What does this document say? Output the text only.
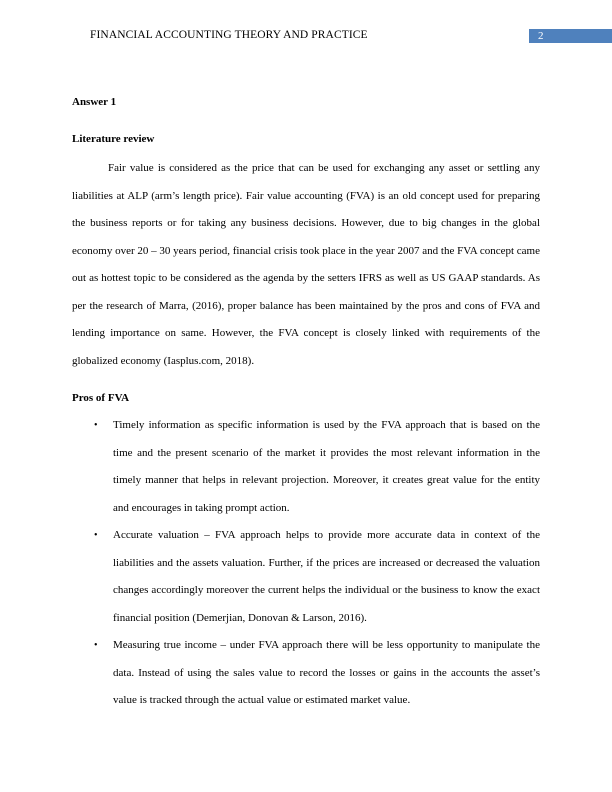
FINANCIAL ACCOUNTING THEORY AND PRACTICE	2
Answer 1
Literature review
Fair value is considered as the price that can be used for exchanging any asset or settling any liabilities at ALP (arm’s length price). Fair value accounting (FVA) is an old concept used for preparing the business reports or for taking any business decisions. However, due to big changes in the global economy over 20 – 30 years period, financial crisis took place in the year 2007 and the FVA concept came out as hottest topic to be considered as the agenda by the setters IFRS as well as US GAAP standards. As per the research of Marra, (2016), proper balance has been maintained by the pros and cons of FVA and lending importance on same. However, the FVA concept is closely linked with requirements of the globalized economy (Iasplus.com, 2018).
Pros of FVA
• Timely information as specific information is used by the FVA approach that is based on the time and the present scenario of the market it provides the most relevant information in the timely manner that helps in relevant projection. Moreover, it creates great value for the entity and encourages in taking prompt action.
• Accurate valuation – FVA approach helps to provide more accurate data in context of the liabilities and the assets valuation. Further, if the prices are increased or decreased the valuation changes accordingly moreover the current helps the individual or the business to know the exact financial position (Demerjian, Donovan & Larson, 2016).
• Measuring true income – under FVA approach there will be less opportunity to manipulate the data. Instead of using the sales value to record the losses or gains in the accounts the asset’s value is tracked through the actual value or estimated market value.
